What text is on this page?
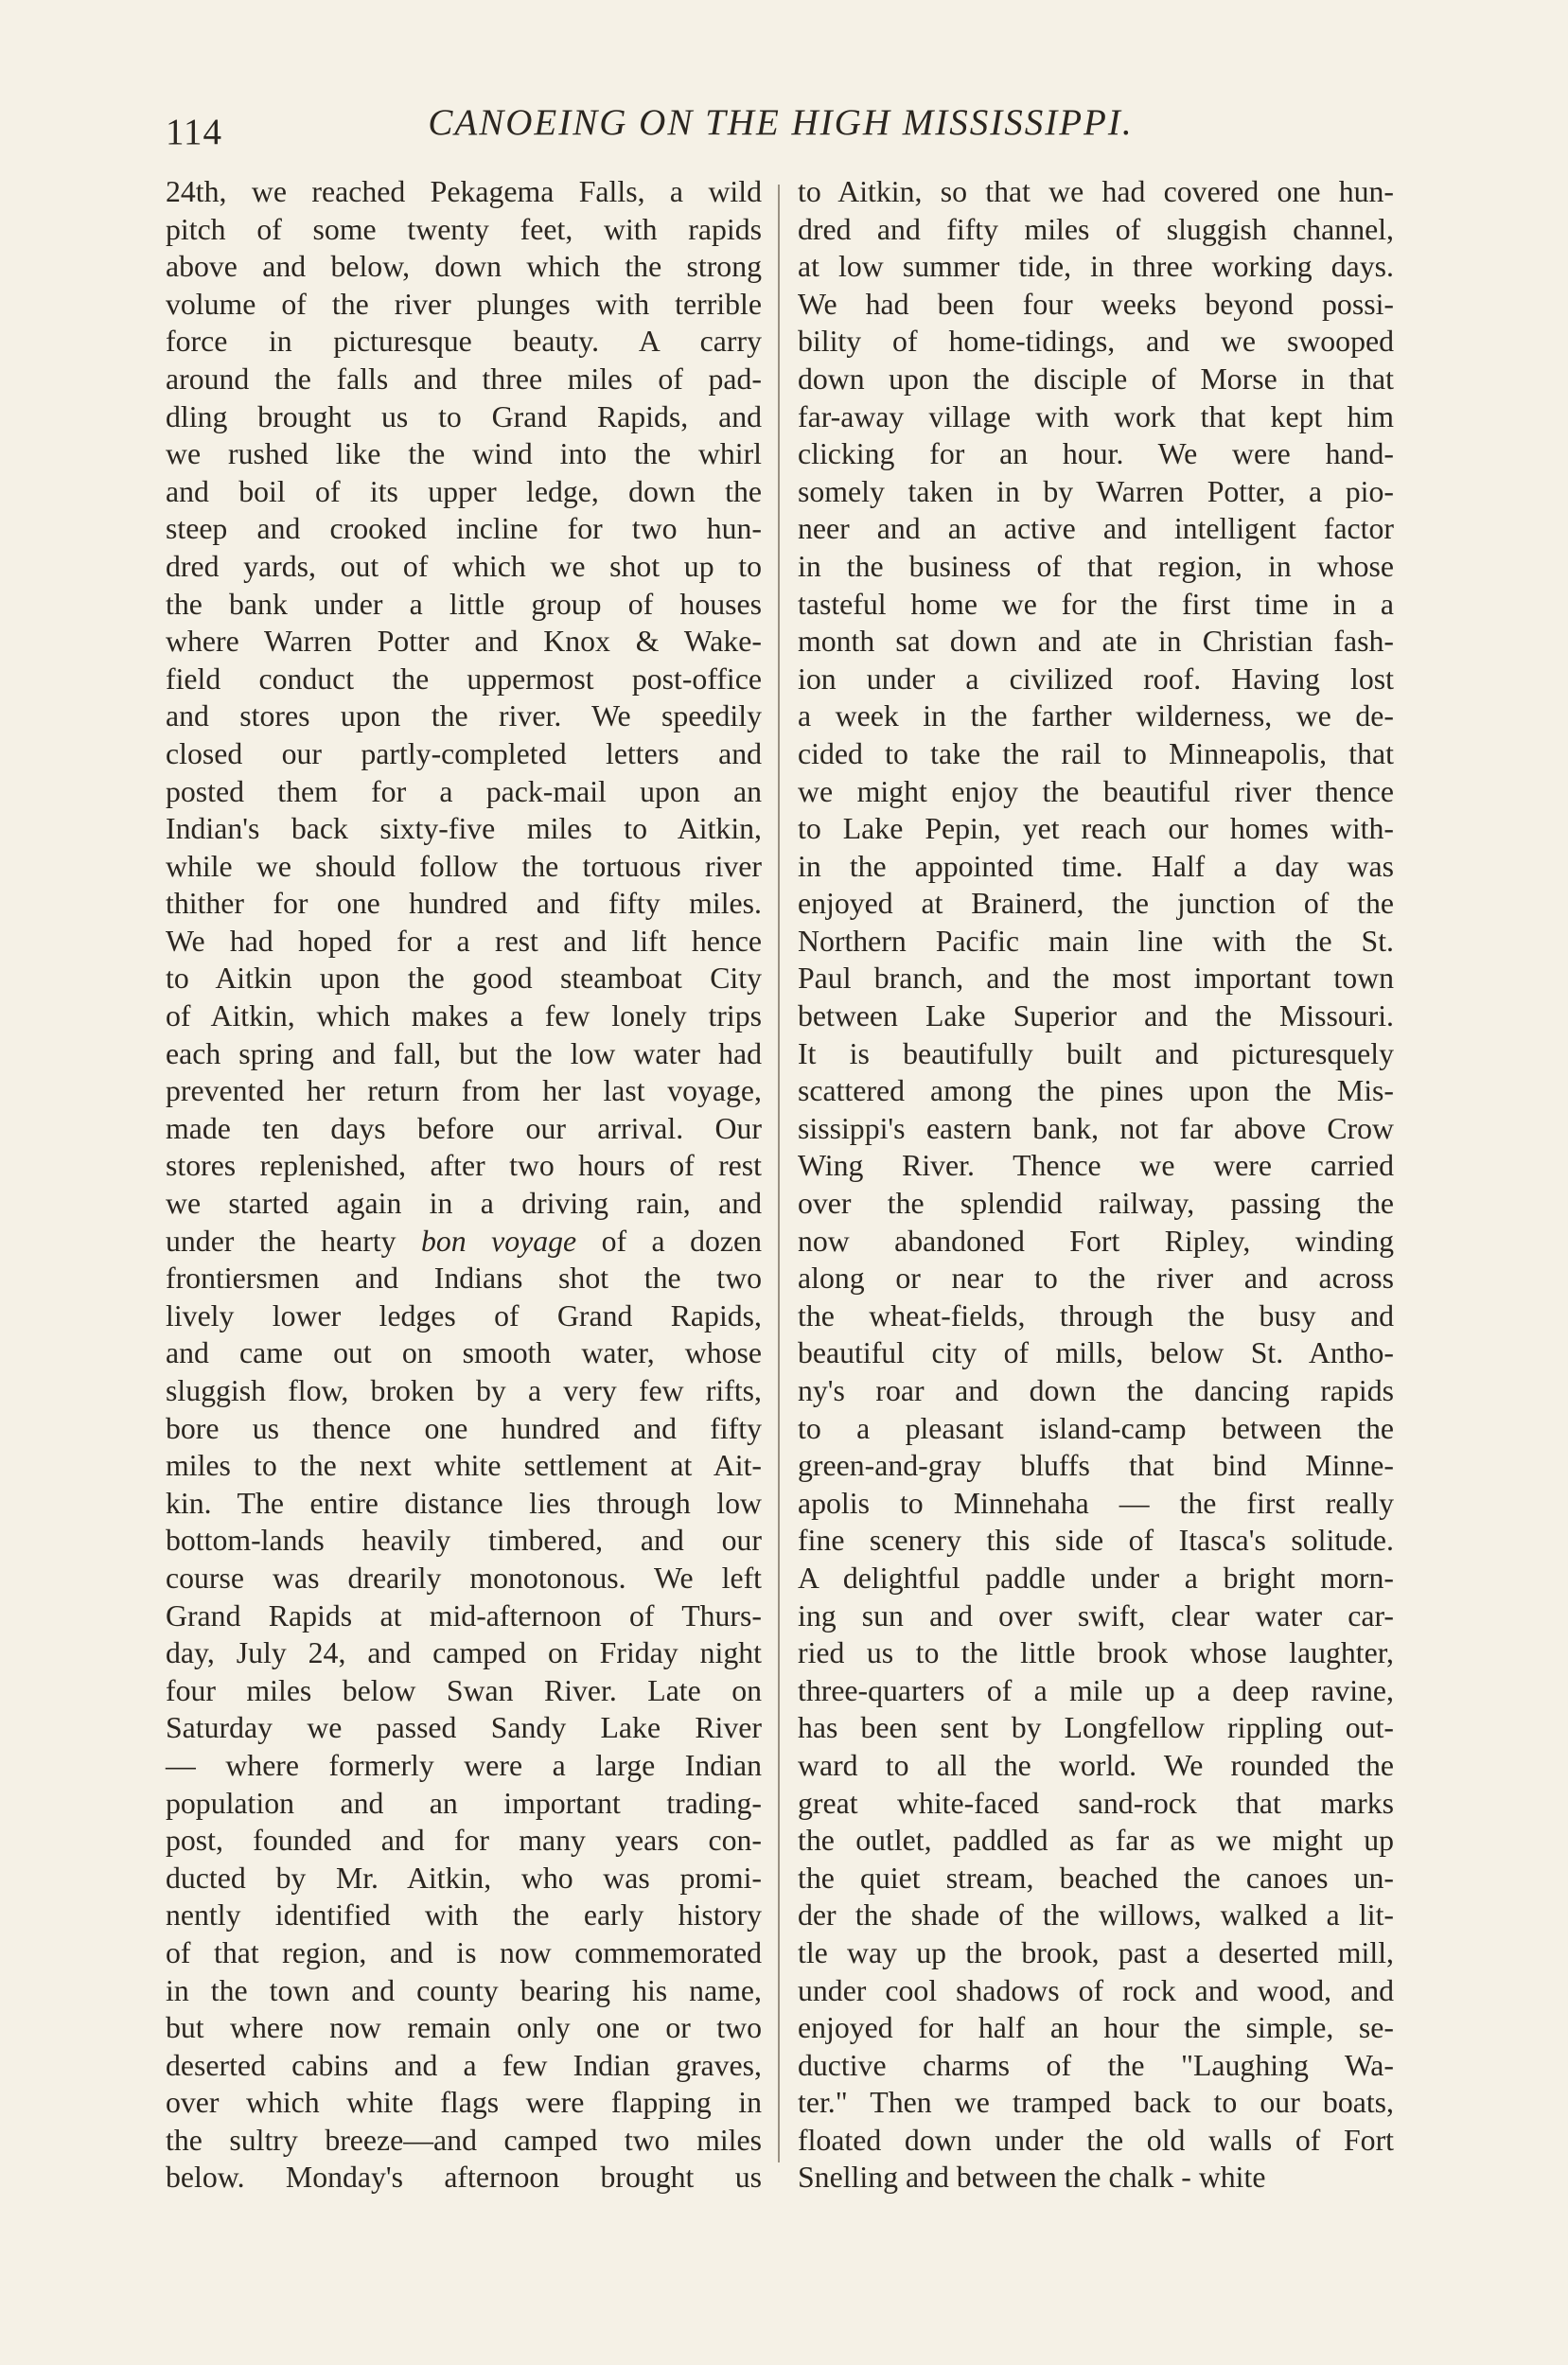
114	CANOEING ON THE HIGH MISSISSIPPI.
24th, we reached Pekagema Falls, a wild
pitch of some twenty feet, with rapids
above and below, down which the strong
volume of the river plunges with terrible
force in picturesque beauty. A carry
around the falls and three miles of pad-
dling brought us to Grand Rapids, and
we rushed like the wind into the whirl
and boil of its upper ledge, down the
steep and crooked incline for two hun-
dred yards, out of which we shot up to
the bank under a little group of houses
where Warren Potter and Knox & Wake-
field conduct the uppermost post-office
and stores upon the river. We speedily
closed our partly-completed letters and
posted them for a pack-mail upon an
Indian's back sixty-five miles to Aitkin,
while we should follow the tortuous river
thither for one hundred and fifty miles.
We had hoped for a rest and lift hence
to Aitkin upon the good steamboat City
of Aitkin, which makes a few lonely trips
each spring and fall, but the low water had
prevented her return from her last voyage,
made ten days before our arrival. Our
stores replenished, after two hours of rest
we started again in a driving rain, and
under the hearty bon voyage of a dozen
frontiersmen and Indians shot the two
lively lower ledges of Grand Rapids,
and came out on smooth water, whose
sluggish flow, broken by a very few rifts,
bore us thence one hundred and fifty
miles to the next white settlement at Ait-
kin. The entire distance lies through low
bottom-lands heavily timbered, and our
course was drearily monotonous. We left
Grand Rapids at mid-afternoon of Thurs-
day, July 24, and camped on Friday night
four miles below Swan River. Late on
Saturday we passed Sandy Lake River
— where formerly were a large Indian
population and an important trading-
post, founded and for many years con-
ducted by Mr. Aitkin, who was promi-
nently identified with the early history
of that region, and is now commemorated
in the town and county bearing his name,
but where now remain only one or two
deserted cabins and a few Indian graves,
over which white flags were flapping in
the sultry breeze—and camped two miles
below. Monday's afternoon brought us
to Aitkin, so that we had covered one hun-
dred and fifty miles of sluggish channel,
at low summer tide, in three working days.
We had been four weeks beyond possi-
bility of home-tidings, and we swooped
down upon the disciple of Morse in that
far-away village with work that kept him
clicking for an hour. We were hand-
somely taken in by Warren Potter, a pio-
neer and an active and intelligent factor
in the business of that region, in whose
tasteful home we for the first time in a
month sat down and ate in Christian fash-
ion under a civilized roof. Having lost
a week in the farther wilderness, we de-
cided to take the rail to Minneapolis, that
we might enjoy the beautiful river thence
to Lake Pepin, yet reach our homes with-
in the appointed time. Half a day was
enjoyed at Brainerd, the junction of the
Northern Pacific main line with the St.
Paul branch, and the most important town
between Lake Superior and the Missouri.
It is beautifully built and picturesquely
scattered among the pines upon the Mis-
sissippi's eastern bank, not far above Crow
Wing River. Thence we were carried
over the splendid railway, passing the
now abandoned Fort Ripley, winding
along or near to the river and across
the wheat-fields, through the busy and
beautiful city of mills, below St. Antho-
ny's roar and down the dancing rapids
to a pleasant island-camp between the
green-and-gray bluffs that bind Minne-
apolis to Minnehaha — the first really
fine scenery this side of Itasca's solitude.
A delightful paddle under a bright morn-
ing sun and over swift, clear water car-
ried us to the little brook whose laughter,
three-quarters of a mile up a deep ravine,
has been sent by Longfellow rippling out-
ward to all the world. We rounded the
great white-faced sand-rock that marks
the outlet, paddled as far as we might up
the quiet stream, beached the canoes un-
der the shade of the willows, walked a lit-
tle way up the brook, past a deserted mill,
under cool shadows of rock and wood, and
enjoyed for half an hour the simple, se-
ductive charms of the "Laughing Wa-
ter." Then we tramped back to our boats,
floated down under the old walls of Fort
Snelling and between the chalk - white
